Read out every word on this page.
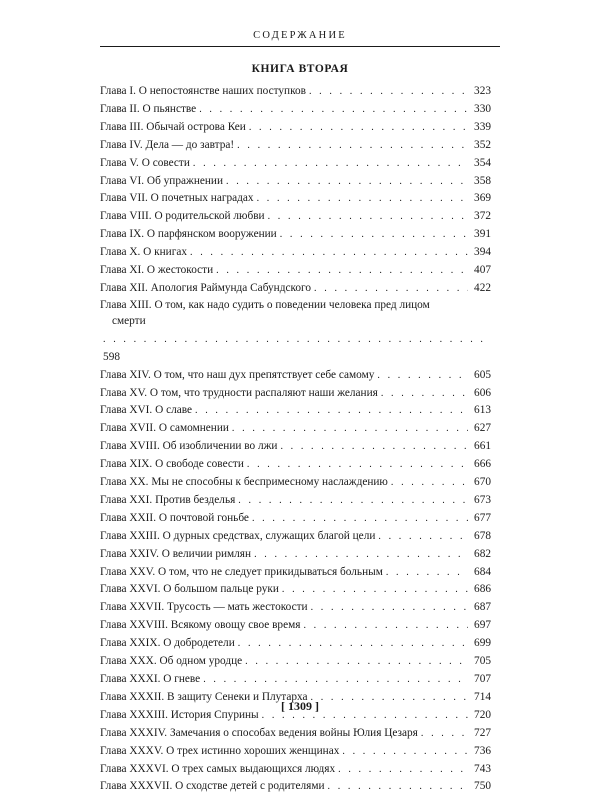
СОДЕРЖАНИЕ
КНИГА ВТОРАЯ
Глава I. О непостоянстве наших поступков . . .	323
Глава II. О пьянстве . . .	330
Глава III. Обычай острова Кеи . . .	339
Глава IV. Дела — до завтра! . . .	352
Глава V. О совести . . .	354
Глава VI. Об упражнении . . .	358
Глава VII. О почетных наградах . . .	369
Глава VIII. О родительской любви . . .	372
Глава IX. О парфянском вооружении . . .	391
Глава X. О книгах . . .	394
Глава XI. О жестокости . . .	407
Глава XII. Апология Раймунда Сабундского . . .	422
Глава XIII. О том, как надо судить о поведении человека пред лицом
смерти
. . .
598
Глава XIV. О том, что наш дух препятствует себе самому . . .	605
Глава XV. О том, что трудности распаляют наши желания . . .	606
Глава XVI. О славе . . .	613
Глава XVII. О самомнении . . .	627
Глава XVIII. Об изобличении во лжи . . .	661
Глава XIX. О свободе совести . . .	666
Глава XX. Мы не способны к беспримесному наслаждению . . .	670
Глава XXI. Против безделья . . .	673
Глава XXII. О почтовой гоньбе . . .	677
Глава XXIII. О дурных средствах, служащих благой цели . . .	678
Глава XXIV. О величии римлян . . .	682
Глава XXV. О том, что не следует прикидываться больным . . .	684
Глава XXVI. О большом пальце руки . . .	686
Глава XXVII. Трусость — мать жестокости . . .	687
Глава XXVIII. Всякому овощу свое время . . .	697
Глава XXIX. О добродетели . . .	699
Глава XXX. Об одном уродце . . .	705
Глава XXXI. О гневе . . .	707
Глава XXXII. В защиту Сенеки и Плутарха . . .	714
Глава XXXIII. История Спурины . . .	720
Глава XXXIV. Замечания о способах ведения войны Юлия Цезаря . . .	727
Глава XXXV. О трех истинно хороших женщинах . . .	736
Глава XXXVI. О трех самых выдающихся людях . . .	743
Глава XXXVII. О сходстве детей с родителями . . .	750
[ 1309 ]
